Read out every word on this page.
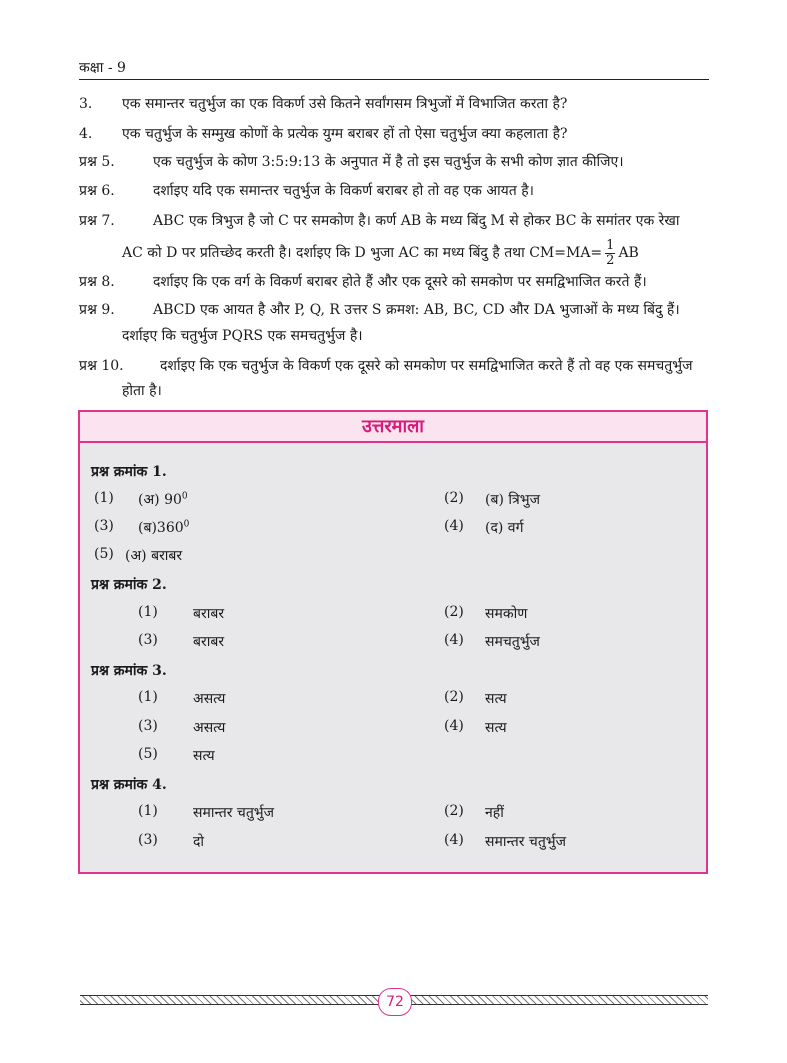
कक्षा - 9
3. एक समान्तर चतुर्भुज का एक विकर्ण उसे कितने सर्वांगसम त्रिभुजों में विभाजित करता है?
4. एक चतुर्भुज के सम्मुख कोणों के प्रत्येक युग्म बराबर हों तो ऐसा चतुर्भुज क्या कहलाता है?
प्रश्न 5.	एक चतुर्भुज के कोण 3:5:9:13 के अनुपात में है तो इस चतुर्भुज के सभी कोण ज्ञात कीजिए।
प्रश्न 6.	दर्शाइए यदि एक समान्तर चतुर्भुज के विकर्ण बराबर हो तो वह एक आयत है।
प्रश्न 7.	ABC एक त्रिभुज है जो C पर समकोण है। कर्ण AB के मध्य बिंदु M से होकर BC के समांतर एक रेखा
AC को D पर प्रतिच्छेद करती है। दर्शाइए कि D भुजा AC का मध्य बिंदु है तथा $CM=MA= \frac{1}{2}$ AB
प्रश्न 8.	दर्शाइए कि एक वर्ग के विकर्ण बराबर होते हैं और एक दूसरे को समकोण पर समद्विभाजित करते हैं।
प्रश्न 9.	ABCD एक आयत है और P, Q, R उत्तर S क्रमश: AB, BC, CD और DA भुजाओं के मध्य बिंदु हैं।
दर्शाइए कि चतुर्भुज PQRS एक समचतुर्भुज है।
प्रश्न 10.	दर्शाइए कि एक चतुर्भुज के विकर्ण एक दूसरे को समकोण पर समद्विभाजित करते हैं तो वह एक समचतुर्भुज
होता है।
उत्तरमाला
प्रश्न क्रमांक 1.
(1) (अ) $90^0$	(2) (ब) त्रिभुज
(3) $(ब)360^0$	(4) (द) वर्ग
(5) (अ) बराबर
प्रश्न क्रमांक 2.
(1)	बराबर	(2) समकोण
(3)	बराबर	(4) समचतुर्भुज
प्रश्न क्रमांक 3.
(1)	असत्य	(2) सत्य
(3)	असत्य	(4) सत्य
(5)	सत्य
प्रश्न क्रमांक 4.
(1)	समान्तर चतुर्भुज	(2) नहीं
(3)	दो	(4) समान्तर चतुर्भुज
72
